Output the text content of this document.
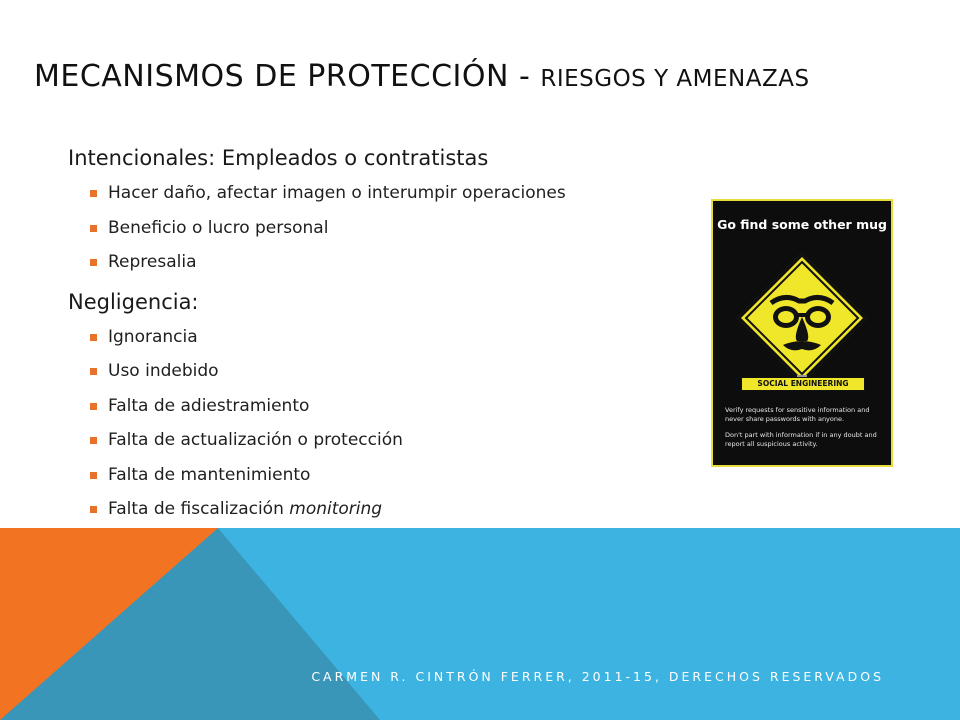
MECANISMOS DE PROTECCIÓN - RIESGOS Y AMENAZAS
Intencionales: Empleados o contratistas
Hacer daño, afectar imagen o interumpir operaciones
Beneficio o lucro personal
Represalia
Negligencia:
Ignorancia
Uso indebido
Falta de adiestramiento
Falta de actualización o protección
Falta de mantenimiento
Falta de fiscalización monitoring
Go find some other mug
SOCIAL ENGINEERING
Verify requests for sensitive information and never share passwords with anyone.
Don't part with information if in any doubt and report all suspicious activity.
CARMEN R. CINTRÓN FERRER, 2011-15, DERECHOS RESERVADOS
